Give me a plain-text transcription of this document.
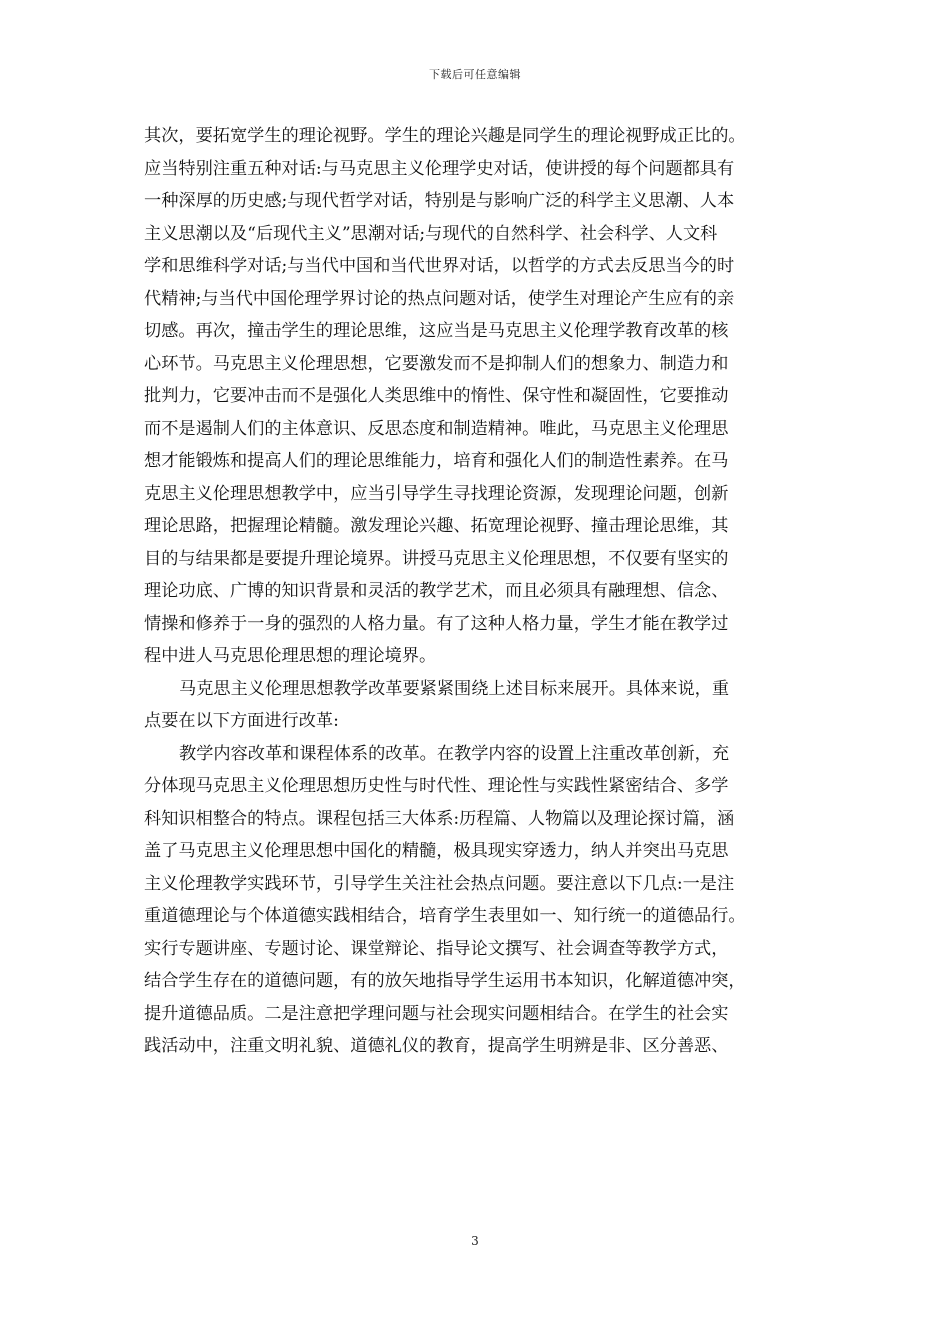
下载后可任意编辑
其次，要拓宽学生的理论视野。学生的理论兴趣是同学生的理论视野成正比的。
应当特别注重五种对话:与马克思主义伦理学史对话，使讲授的每个问题都具有
一种深厚的历史感;与现代哲学对话，特别是与影响广泛的科学主义思潮、人本
主义思潮以及“后现代主义”思潮对话;与现代的自然科学、社会科学、人文科
学和思维科学对话;与当代中国和当代世界对话，以哲学的方式去反思当今的时
代精神;与当代中国伦理学界讨论的热点问题对话，使学生对理论产生应有的亲
切感。再次，撞击学生的理论思维，这应当是马克思主义伦理学教育改革的核
心环节。马克思主义伦理思想，它要激发而不是抑制人们的想象力、制造力和
批判力，它要冲击而不是强化人类思维中的惰性、保守性和凝固性，它要推动
而不是遏制人们的主体意识、反思态度和制造精神。唯此，马克思主义伦理思
想才能锻炼和提高人们的理论思维能力，培育和强化人们的制造性素养。在马
克思主义伦理思想教学中，应当引导学生寻找理论资源，发现理论问题，创新
理论思路，把握理论精髓。激发理论兴趣、拓宽理论视野、撞击理论思维，其
目的与结果都是要提升理论境界。讲授马克思主义伦理思想，不仅要有坚实的
理论功底、广博的知识背景和灵活的教学艺术，而且必须具有融理想、信念、
情操和修养于一身的强烈的人格力量。有了这种人格力量，学生才能在教学过
程中进人马克思伦理思想的理论境界。
马克思主义伦理思想教学改革要紧紧围绕上述目标来展开。具体来说，重
点要在以下方面进行改革:
教学内容改革和课程体系的改革。在教学内容的设置上注重改革创新，充
分体现马克思主义伦理思想历史性与时代性、理论性与实践性紧密结合、多学
科知识相整合的特点。课程包括三大体系:历程篇、人物篇以及理论探讨篇，涵
盖了马克思主义伦理思想中国化的精髓，极具现实穿透力，纳人并突出马克思
主义伦理教学实践环节，引导学生关注社会热点问题。要注意以下几点:一是注
重道德理论与个体道德实践相结合，培育学生表里如一、知行统一的道德品行。
实行专题讲座、专题讨论、课堂辩论、指导论文撰写、社会调查等教学方式，
结合学生存在的道德问题，有的放矢地指导学生运用书本知识，化解道德冲突，
提升道德品质。二是注意把学理问题与社会现实问题相结合。在学生的社会实
践活动中，注重文明礼貌、道德礼仪的教育，提高学生明辨是非、区分善恶、
3
